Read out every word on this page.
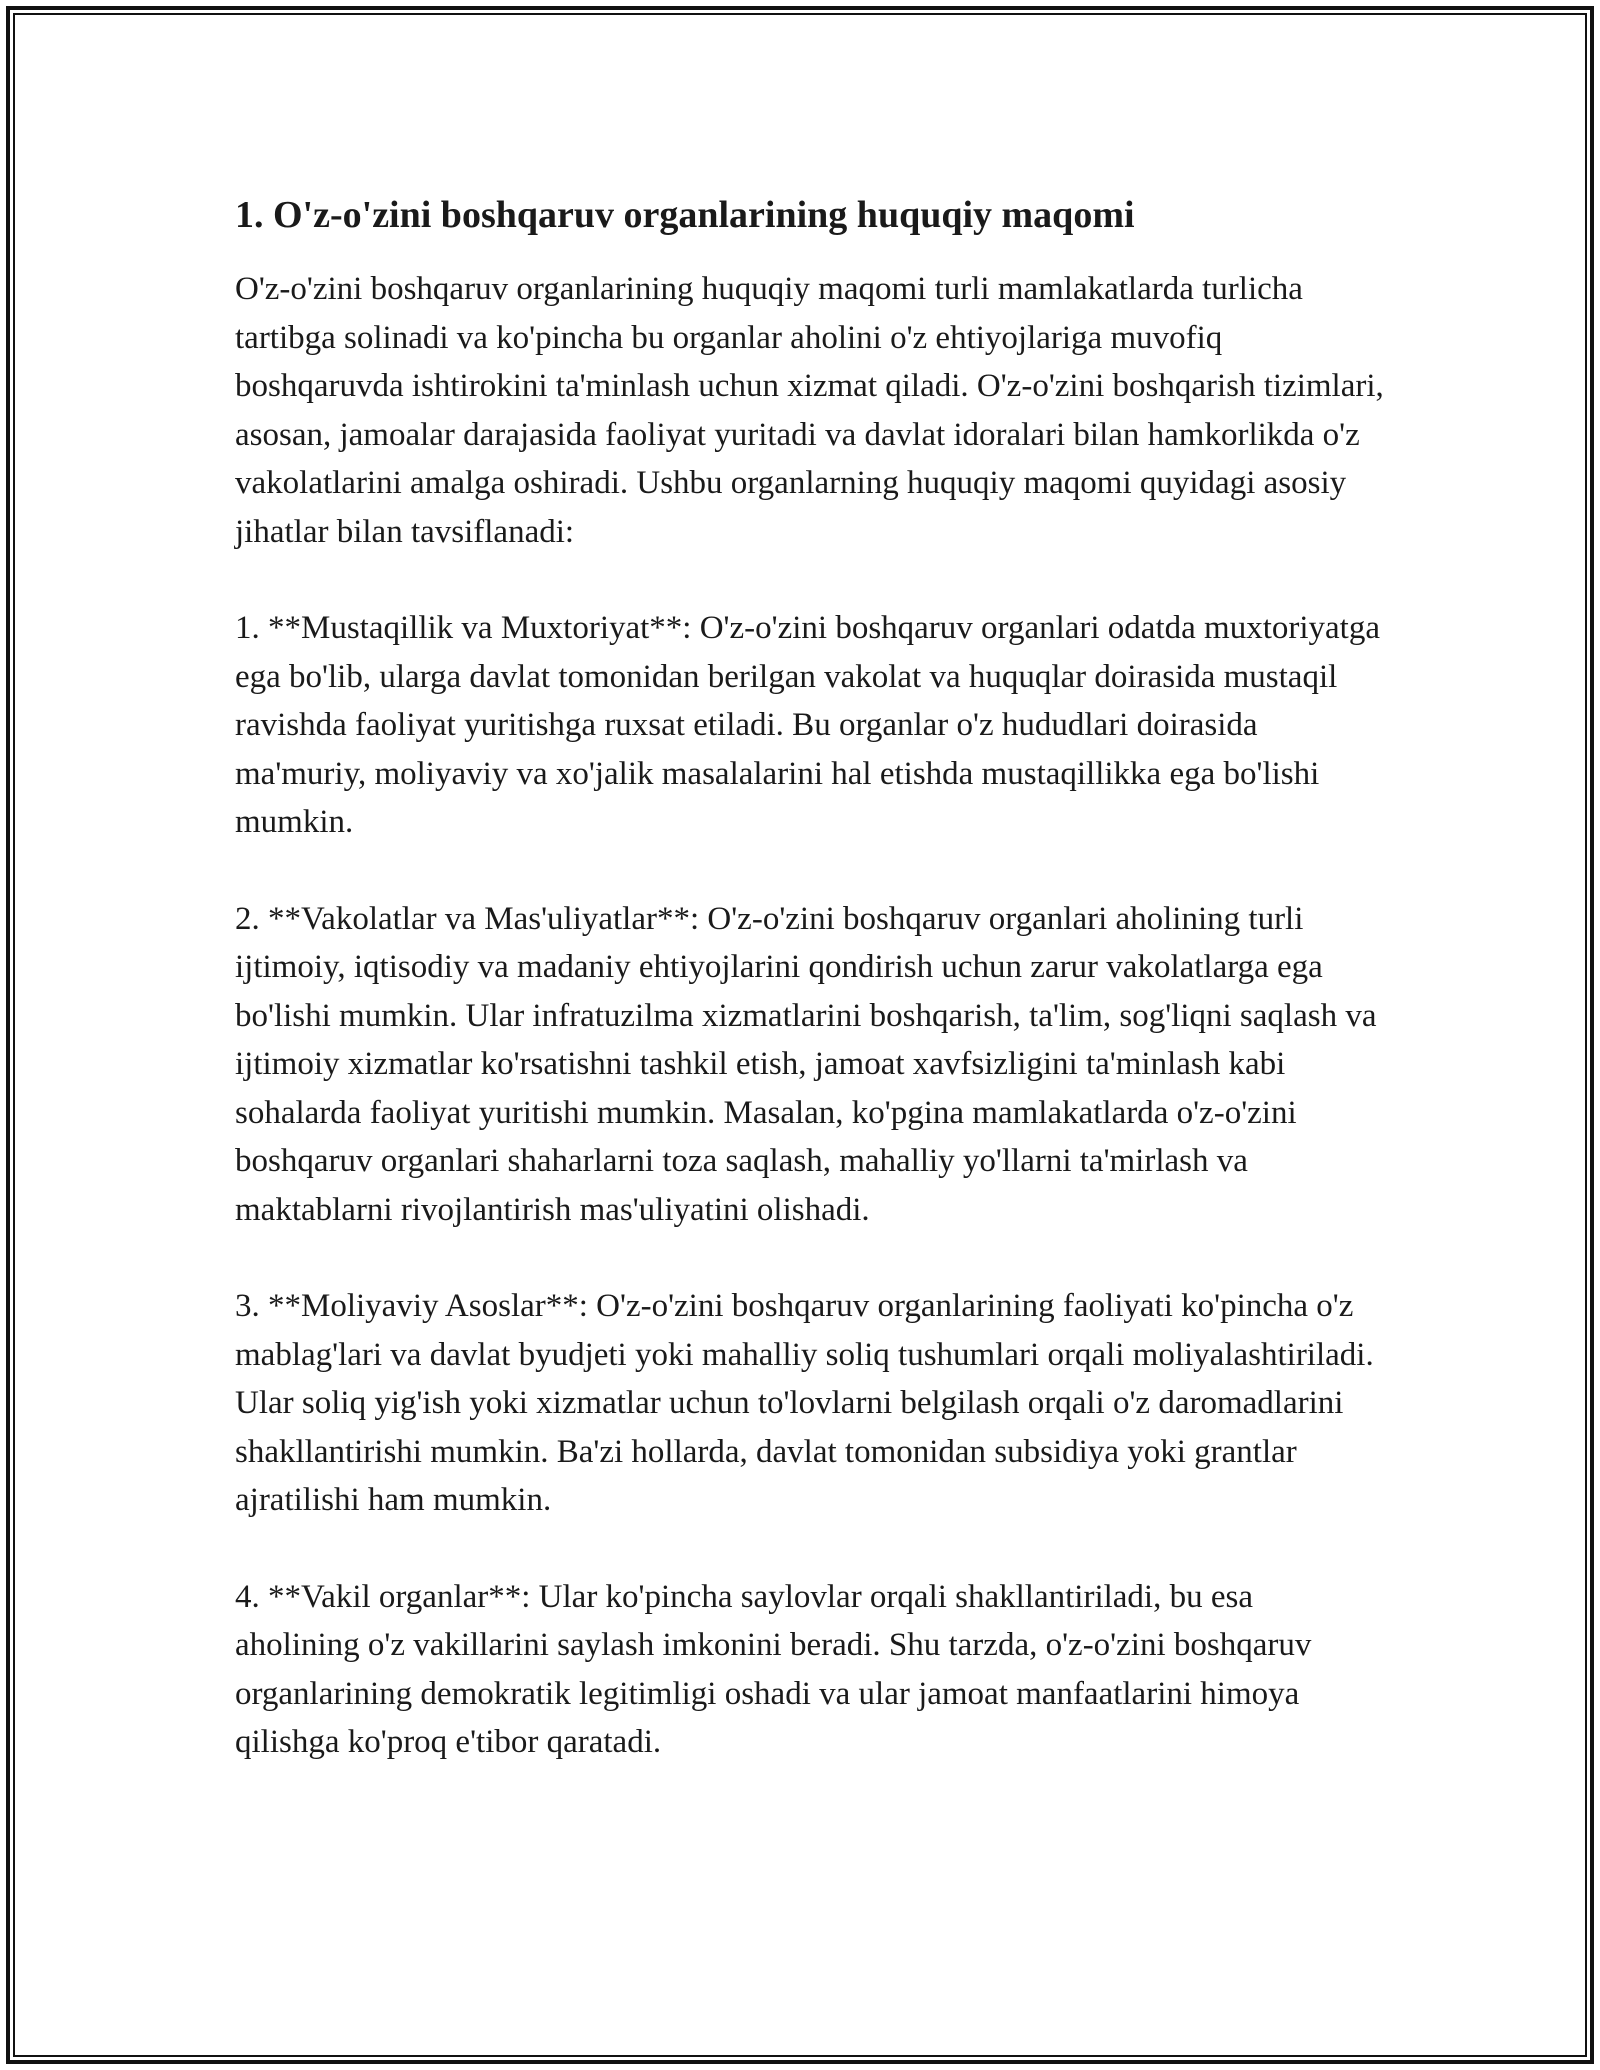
1. O'z-o'zini boshqaruv organlarining huquqiy maqomi

O'z-o'zini boshqaruv organlarining huquqiy maqomi turli mamlakatlarda turlicha tartibga solinadi va ko'pincha bu organlar aholini o'z ehtiyojlariga muvofiq boshqaruvda ishtirokini ta'minlash uchun xizmat qiladi. O'z-o'zini boshqarish tizimlari, asosan, jamoalar darajasida faoliyat yuritadi va davlat idoralari bilan hamkorlikda o'z vakolatlarini amalga oshiradi. Ushbu organlarning huquqiy maqomi quyidagi asosiy jihatlar bilan tavsiflanadi:

1. **Mustaqillik va Muxtoriyat**: O'z-o'zini boshqaruv organlari odatda muxtoriyatga ega bo'lib, ularga davlat tomonidan berilgan vakolat va huquqlar doirasida mustaqil ravishda faoliyat yuritishga ruxsat etiladi. Bu organlar o'z hududlari doirasida ma'muriy, moliyaviy va xo'jalik masalalarini hal etishda mustaqillikka ega bo'lishi mumkin.

2. **Vakolatlar va Mas'uliyatlar**: O'z-o'zini boshqaruv organlari aholining turli ijtimoiy, iqtisodiy va madaniy ehtiyojlarini qondirish uchun zarur vakolatlarga ega bo'lishi mumkin. Ular infratuzilma xizmatlarini boshqarish, ta'lim, sog'liqni saqlash va ijtimoiy xizmatlar ko'rsatishni tashkil etish, jamoat xavfsizligini ta'minlash kabi sohalarda faoliyat yuritishi mumkin. Masalan, ko'pgina mamlakatlarda o'z-o'zini boshqaruv organlari shaharlarni toza saqlash, mahalliy yo'llarni ta'mirlash va maktablarni rivojlantirish mas'uliyatini olishadi.

3. **Moliyaviy Asoslar**: O'z-o'zini boshqaruv organlarining faoliyati ko'pincha o'z mablag'lari va davlat byudjeti yoki mahalliy soliq tushumlari orqali moliyalashtiriladi. Ular soliq yig'ish yoki xizmatlar uchun to'lovlarni belgilash orqali o'z daromadlarini shakllantirishi mumkin. Ba'zi hollarda, davlat tomonidan subsidiya yoki grantlar ajratilishi ham mumkin.

4. **Vakil organlar**: Ular ko'pincha saylovlar orqali shakllantiriladi, bu esa aholining o'z vakillarini saylash imkonini beradi. Shu tarzda, o'z-o'zini boshqaruv organlarining demokratik legitimligi oshadi va ular jamoat manfaatlarini himoya qilishga ko'proq e'tibor qaratadi.
